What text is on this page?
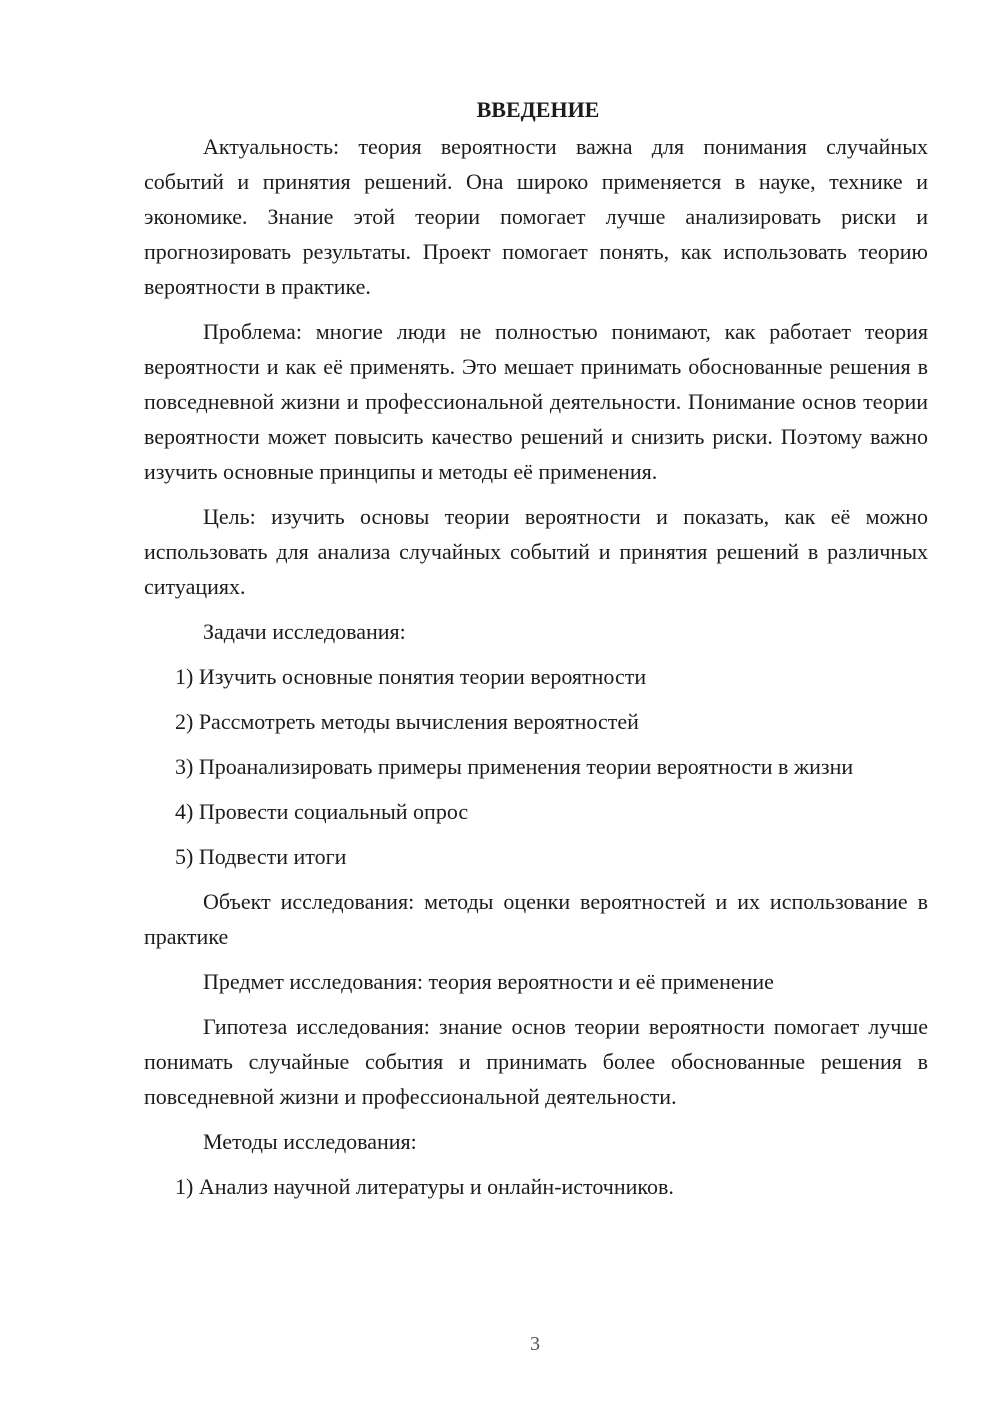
ВВЕДЕНИЕ

Актуальность: теория вероятности важна для понимания случайных событий и принятия решений. Она широко применяется в науке, технике и экономике. Знание этой теории помогает лучше анализировать риски и прогнозировать результаты. Проект помогает понять, как использовать теорию вероятности в практике.

Проблема: многие люди не полностью понимают, как работает теория вероятности и как её применять. Это мешает принимать обоснованные решения в повседневной жизни и профессиональной деятельности. Понимание основ теории вероятности может повысить качество решений и снизить риски. Поэтому важно изучить основные принципы и методы её применения.

Цель: изучить основы теории вероятности и показать, как её можно использовать для анализа случайных событий и принятия решений в различных ситуациях.

Задачи исследования:

1) Изучить основные понятия теории вероятности

2) Рассмотреть методы вычисления вероятностей

3) Проанализировать примеры применения теории вероятности в жизни

4) Провести социальный опрос

5) Подвести итоги

Объект исследования: методы оценки вероятностей и их использование в практике

Предмет исследования: теория вероятности и её применение

Гипотеза исследования: знание основ теории вероятности помогает лучше понимать случайные события и принимать более обоснованные решения в повседневной жизни и профессиональной деятельности.

Методы исследования:

1) Анализ научной литературы и онлайн-источников.

3
